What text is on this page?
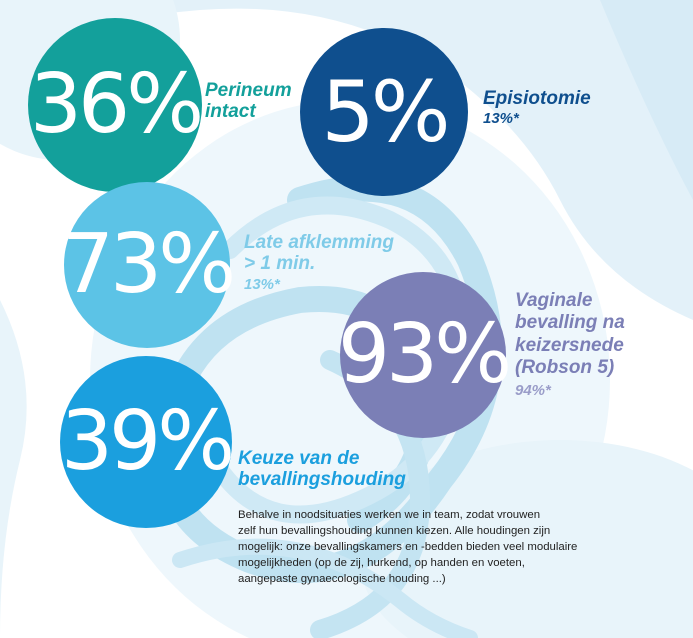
36% Perineum
intact 5% Episiotomie
13%*
73% Late afklemming
> 1 min.
13%*
93%
Vaginale
bevalling na
keizersnede
(Robson 5)
94%*
39% Keuze van de
bevallingshouding
Behalve in noodsituaties werken we in team, zodat vrouwen
zelf hun bevallingshouding kunnen kiezen. Alle houdingen zijn
mogelijk: onze bevallingskamers en -bedden bieden veel modulaire
mogelijkheden (op de zij, hurkend, op handen en voeten,
aangepaste gynaecologische houding ...)
